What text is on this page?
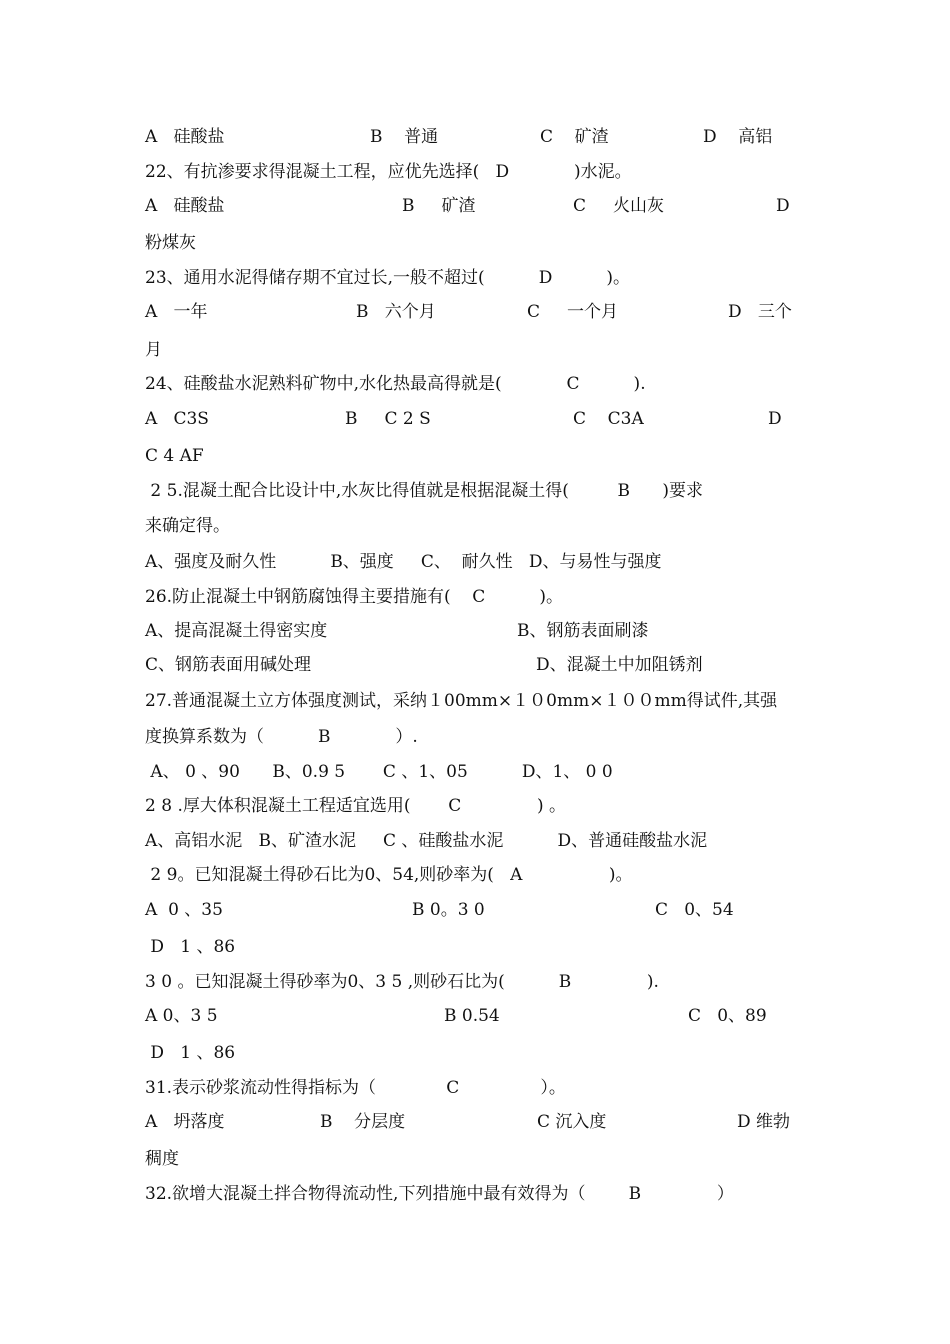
A   硅酸盐	B    普通	C    矿渣	D    高铝
22、有抗渗要求得混凝土工程，应优先选择(   D            )水泥。
A   硅酸盐	B     矿渣	C     火山灰	D
粉煤灰
23、通用水泥得储存期不宜过长,一般不超过(          D          )。
A   一年	B   六个月	C     一个月	D   三个
月
24、硅酸盐水泥熟料矿物中,水化热最高得就是(            C          ).
A   C3S	B     C 2 S	C    C3A	D
C 4 AF
2 5.混凝土配合比设计中,水灰比得值就是根据混凝土得(         B      )要求
来确定得。
A、强度及耐久性          B、强度     C、  耐久性   D、与易性与强度
26.防止混凝土中钢筋腐蚀得主要措施有(    C          )。
A、提高混凝土得密实度	B、钢筋表面刷漆
C、钢筋表面用碱处理	D、混凝土中加阻锈剂
27.普通混凝土立方体强度测试，采纳１00mm×１０0mm×１００mm得试件,其强
度换算系数为（          B            ）.
A、 0 、90      B、0.9 5       C 、1、05          D、1、 0 0
2 8 .厚大体积混凝土工程适宜选用(       C              ) 。
A、高铝水泥   B、矿渣水泥     C 、硅酸盐水泥          D、普通硅酸盐水泥
2 9。已知混凝土得砂石比为0、54,则砂率为(   A                )。
A  0 、35	B 0。3 0	C   0、54
D   1 、86
3 0 。已知混凝土得砂率为0、3 5 ,则砂石比为(          B              ).
A 0、3 5	B 0.54	C   0、89
D   1 、86
31.表示砂浆流动性得指标为（             C               ）。
A   坍落度	B    分层度	C 沉入度	D 维勃
稠度
32.欲增大混凝土拌合物得流动性,下列措施中最有效得为（        B              ）
